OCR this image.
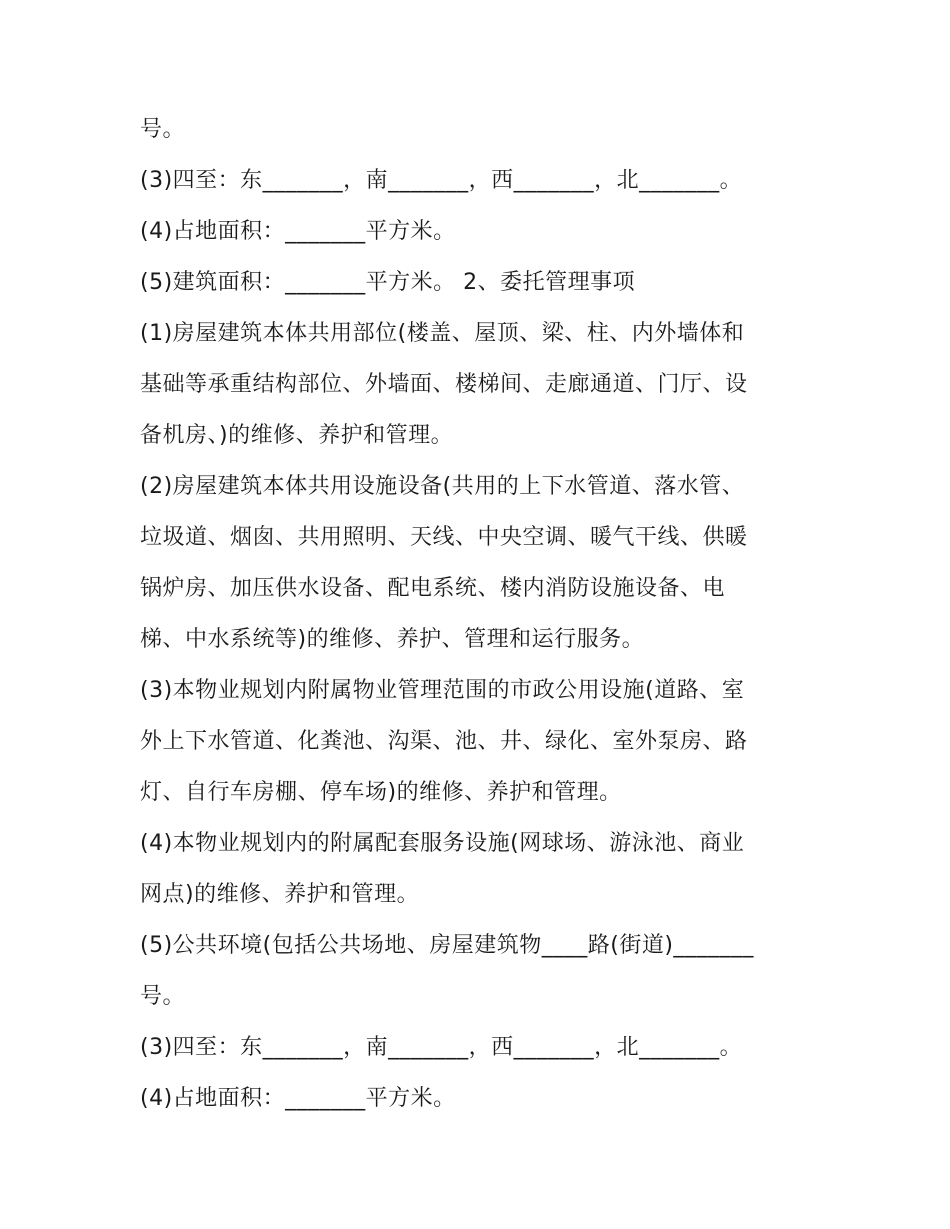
号。
(3)四至：东_______，南_______，西_______，北_______。
(4)占地面积：_______平方米。
(5)建筑面积：_______平方米。 2、委托管理事项
(1)房屋建筑本体共用部位(楼盖、屋顶、梁、柱、内外墙体和
基础等承重结构部位、外墙面、楼梯间、走廊通道、门厅、设
备机房、)的维修、养护和管理。
(2)房屋建筑本体共用设施设备(共用的上下水管道、落水管、
垃圾道、烟囱、共用照明、天线、中央空调、暖气干线、供暖
锅炉房、加压供水设备、配电系统、楼内消防设施设备、电
梯、中水系统等)的维修、养护、管理和运行服务。
(3)本物业规划内附属物业管理范围的市政公用设施(道路、室
外上下水管道、化粪池、沟渠、池、井、绿化、室外泵房、路
灯、自行车房棚、停车场)的维修、养护和管理。
(4)本物业规划内的附属配套服务设施(网球场、游泳池、商业
网点)的维修、养护和管理。
(5)公共环境(包括公共场地、房屋建筑物____路(街道)_______
号。
(3)四至：东_______，南_______，西_______，北_______。
(4)占地面积：_______平方米。
